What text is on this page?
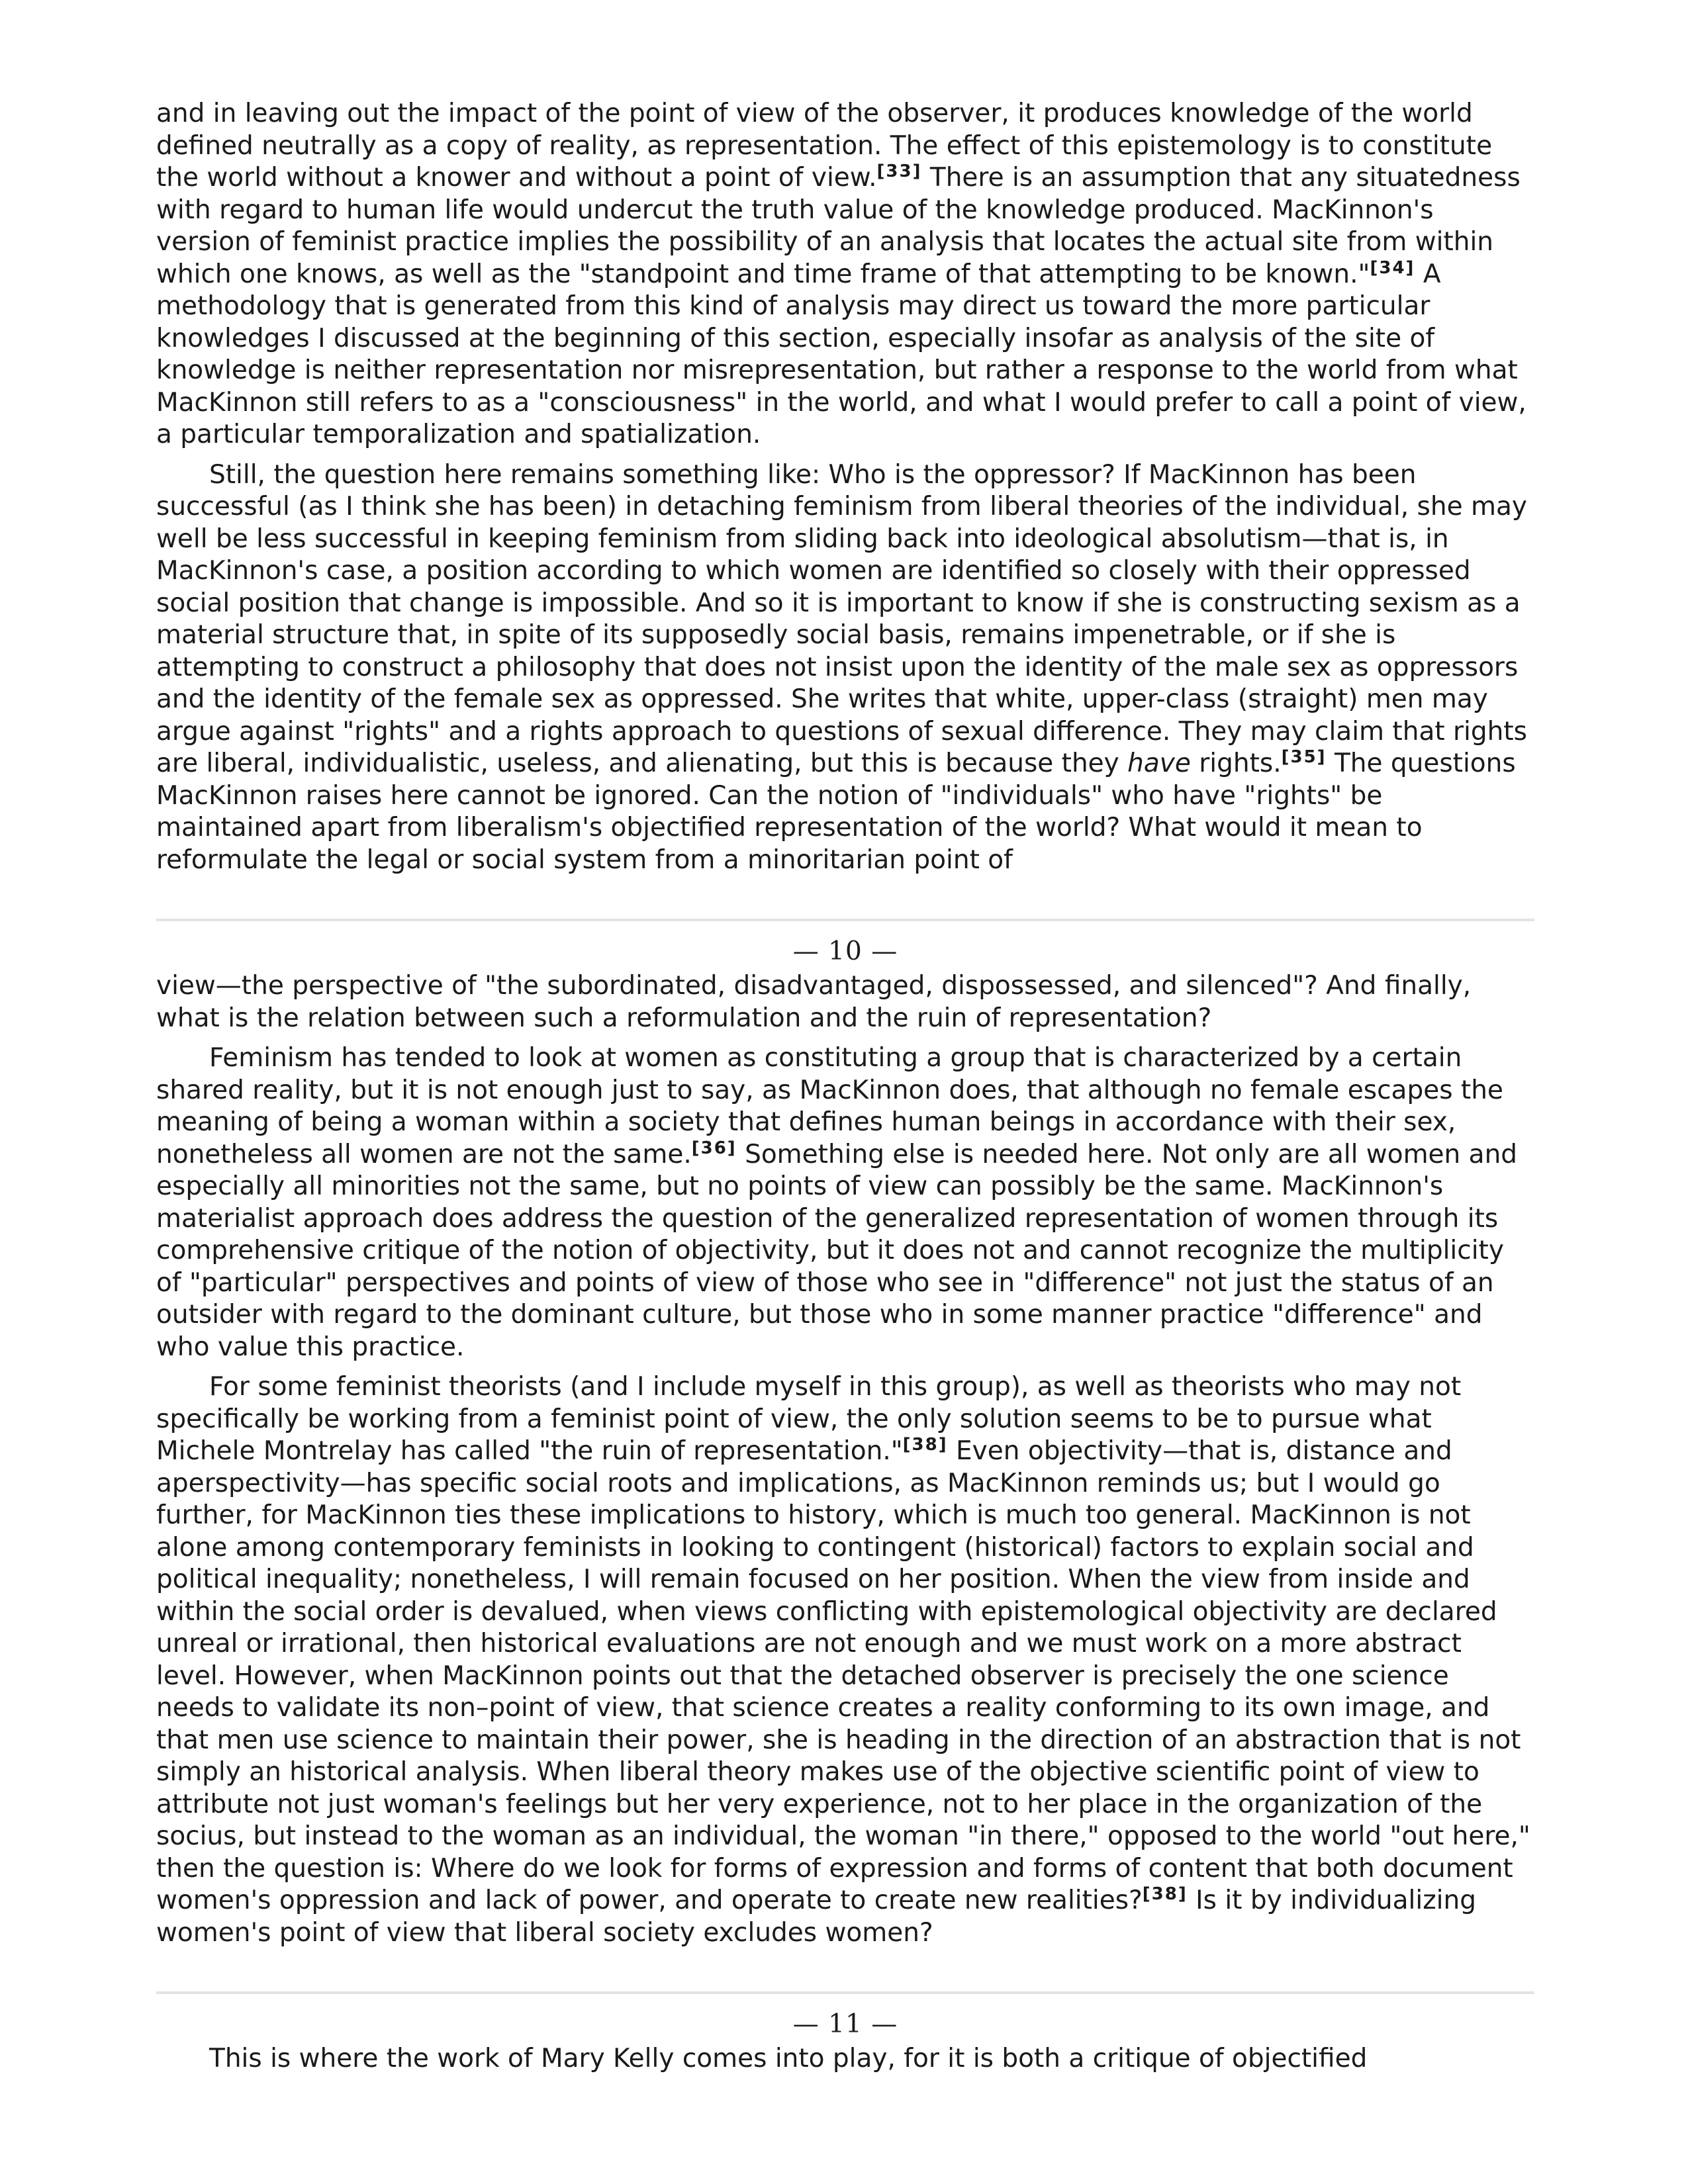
and in leaving out the impact of the point of view of the observer, it produces knowledge of the world defined neutrally as a copy of reality, as representation. The effect of this epistemology is to constitute the world without a knower and without a point of view.[33] There is an assumption that any situatedness with regard to human life would undercut the truth value of the knowledge produced. MacKinnon's version of feminist practice implies the possibility of an analysis that locates the actual site from within which one knows, as well as the "standpoint and time frame of that attempting to be known."[34] A methodology that is generated from this kind of analysis may direct us toward the more particular knowledges I discussed at the beginning of this section, especially insofar as analysis of the site of knowledge is neither representation nor misrepresentation, but rather a response to the world from what MacKinnon still refers to as a "consciousness" in the world, and what I would prefer to call a point of view, a particular temporalization and spatialization.

Still, the question here remains something like: Who is the oppressor? If MacKinnon has been successful (as I think she has been) in detaching feminism from liberal theories of the individual, she may well be less successful in keeping feminism from sliding back into ideological absolutism—that is, in MacKinnon's case, a position according to which women are identified so closely with their oppressed social position that change is impossible. And so it is important to know if she is constructing sexism as a material structure that, in spite of its supposedly social basis, remains impenetrable, or if she is attempting to construct a philosophy that does not insist upon the identity of the male sex as oppressors and the identity of the female sex as oppressed. She writes that white, upper-class (straight) men may argue against "rights" and a rights approach to questions of sexual difference. They may claim that rights are liberal, individualistic, useless, and alienating, but this is because they have rights.[35] The questions MacKinnon raises here cannot be ignored. Can the notion of "individuals" who have "rights" be maintained apart from liberalism's objectified representation of the world? What would it mean to reformulate the legal or social system from a minoritarian point of

— 10 —

view—the perspective of "the subordinated, disadvantaged, dispossessed, and silenced"? And finally, what is the relation between such a reformulation and the ruin of representation?

Feminism has tended to look at women as constituting a group that is characterized by a certain shared reality, but it is not enough just to say, as MacKinnon does, that although no female escapes the meaning of being a woman within a society that defines human beings in accordance with their sex, nonetheless all women are not the same.[36] Something else is needed here. Not only are all women and especially all minorities not the same, but no points of view can possibly be the same. MacKinnon's materialist approach does address the question of the generalized representation of women through its comprehensive critique of the notion of objectivity, but it does not and cannot recognize the multiplicity of "particular" perspectives and points of view of those who see in "difference" not just the status of an outsider with regard to the dominant culture, but those who in some manner practice "difference" and who value this practice.

For some feminist theorists (and I include myself in this group), as well as theorists who may not specifically be working from a feminist point of view, the only solution seems to be to pursue what Michele Montrelay has called "the ruin of representation."[38] Even objectivity—that is, distance and aperspectivity—has specific social roots and implications, as MacKinnon reminds us; but I would go further, for MacKinnon ties these implications to history, which is much too general. MacKinnon is not alone among contemporary feminists in looking to contingent (historical) factors to explain social and political inequality; nonetheless, I will remain focused on her position. When the view from inside and within the social order is devalued, when views conflicting with epistemological objectivity are declared unreal or irrational, then historical evaluations are not enough and we must work on a more abstract level. However, when MacKinnon points out that the detached observer is precisely the one science needs to validate its non–point of view, that science creates a reality conforming to its own image, and that men use science to maintain their power, she is heading in the direction of an abstraction that is not simply an historical analysis. When liberal theory makes use of the objective scientific point of view to attribute not just woman's feelings but her very experience, not to her place in the organization of the socius, but instead to the woman as an individual, the woman "in there," opposed to the world "out here," then the question is: Where do we look for forms of expression and forms of content that both document women's oppression and lack of power, and operate to create new realities?[38] Is it by individualizing women's point of view that liberal society excludes women?

— 11 —

This is where the work of Mary Kelly comes into play, for it is both a critique of objectified
